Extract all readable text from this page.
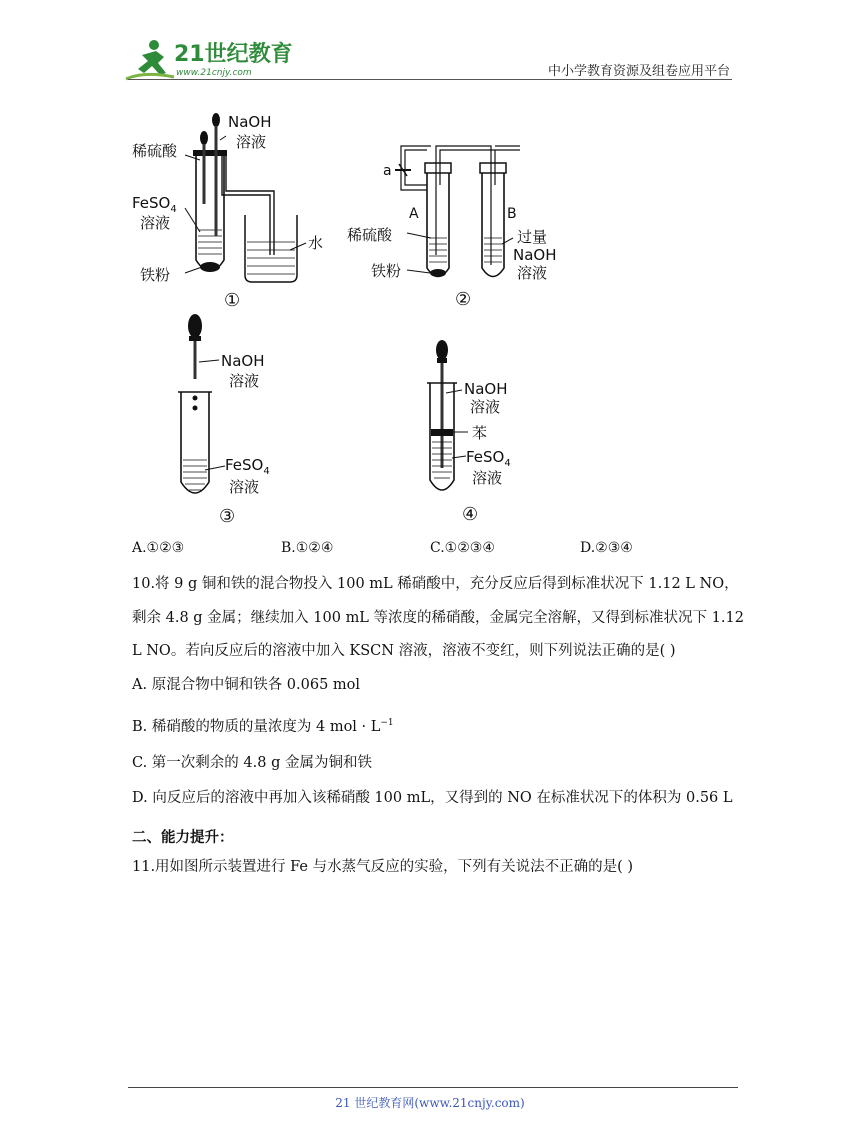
21世纪教育
www.21cnjy.com	中小学教育资源及组卷应用平台
稀硫酸
NaOH
溶液
FeSO$_4$
溶液
水
铁粉
①
a
A	B
稀硫酸
铁粉
过量
NaOH
溶液
②
NaOH
溶液
FeSO$_4$
溶液
③
NaOH
溶液
苯
FeSO$_4$
溶液
④
A.①②③	B.①②④	C.①②③④	D.②③④
10.将 9 g 铜和铁的混合物投入 100 mL 稀硝酸中，充分反应后得到标准状况下 1.12 L NO，
剩余 4.8 g 金属；继续加入 100 mL 等浓度的稀硝酸，金属完全溶解，又得到标准状况下 1.12
L NO。若向反应后的溶液中加入 KSCN 溶液，溶液不变红，则下列说法正确的是( )
A. 原混合物中铜和铁各 0.065 mol
B. 稀硝酸的物质的量浓度为 4 mol · $L^{-1}$
C. 第一次剩余的 4.8 g 金属为铜和铁
D. 向反应后的溶液中再加入该稀硝酸 100 mL，又得到的 NO 在标准状况下的体积为 0.56 L
二、能力提升：
11.用如图所示装置进行 Fe 与水蒸气反应的实验，下列有关说法不正确的是( )
21 世纪教育网(www.21cnjy.com)
